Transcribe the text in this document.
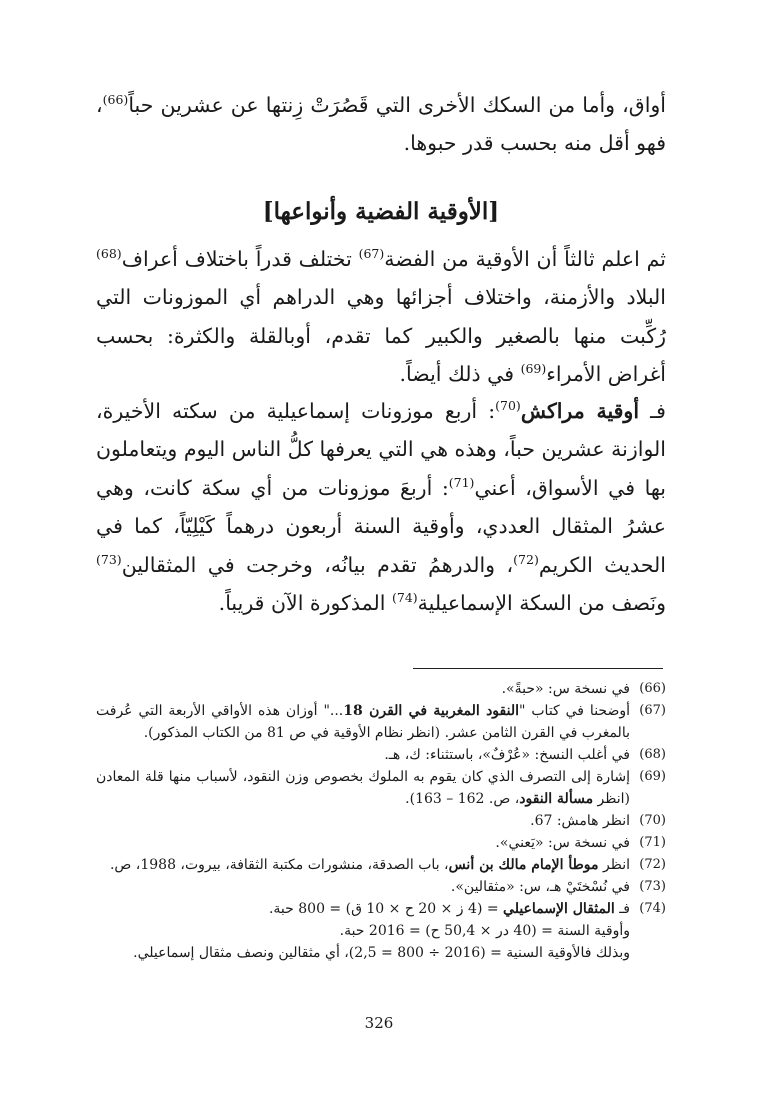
أواق، وأما من السكك الأخرى التي قَصُرَتْ زِنتها عن عشرين حباً$^{(66)}$، فهو أقل منه بحسب قدر حبوها.
[الأوقية الفضية وأنواعها]
ثم اعلم ثالثاً أن الأوقية من الفضة$^{(67)}$ تختلف قدراً باختلاف أعراف$^{(68)}$ البلاد والأزمنة، واختلاف أجزائها وهي الدراهم أي الموزونات التي رُكِّبت منها بالصغير والكبير كما تقدم، أوبالقلة والكثرة: بحسب أغراض الأمراء$^{(69)}$ في ذلك أيضاً.
فـ أوقية مراكش$^{(70)}$: أربع موزونات إسماعيلية من سكته الأخيرة، الوازنة عشرين حباً، وهذه هي التي يعرفها كلُّ الناس اليوم ويتعاملون بها في الأسواق، أعني$^{(71)}$: أربعَ موزونات من أي سكة كانت، وهي عشرُ المثقال العددي، وأوقية السنة أربعون درهماً كَيْلِيّاً، كما في الحديث الكريم$^{(72)}$، والدرهمُ تقدم بيانُه، وخرجت في المثقالين$^{(73)}$ ونَصف من السكة الإسماعيلية$^{(74)}$ المذكورة الآن قريباً.
(66)
في نسخة س: «حبةً».
(67)
أوضحنا في كتاب "النقود المغربية في القرن 18..." أوزان هذه الأواقي الأربعة التي عُرفت بالمغرب في القرن الثامن عشر. (انظر نظام الأوقية في ص 81 من الكتاب المذكور).
(68)
في أغلب النسخ: «عُرْفٌ»، باستثناء: ك، هـ.
(69)
إشارة إلى التصرف الذي كان يقوم به الملوك بخصوص وزن النقود، لأسباب منها قلة المعادن (انظر مسألة النقود، ص. 162 – 163).
(70)
انظر هامش: 67.
(71)
في نسخة س: «يَعني».
(72)
انظر موطأ الإمام مالك بن أنس، باب الصدقة، منشورات مكتبة الثقافة، بيروت، 1988، ص.
(73)
في نُسْختَيْ هـ، س: «مثقالين».
(74)
فـ المثقال الإسماعيلي = (4 ز × 20 ح × 10 ق) = 800 حبة.
وأوقية السنة = (40 در × 50,4 ح) = 2016 حبة.
وبذلك فالأوقية السنية = (2016 ÷ 800 = 2,5)، أي مثقالين ونصف مثقال إسماعيلي.
326
